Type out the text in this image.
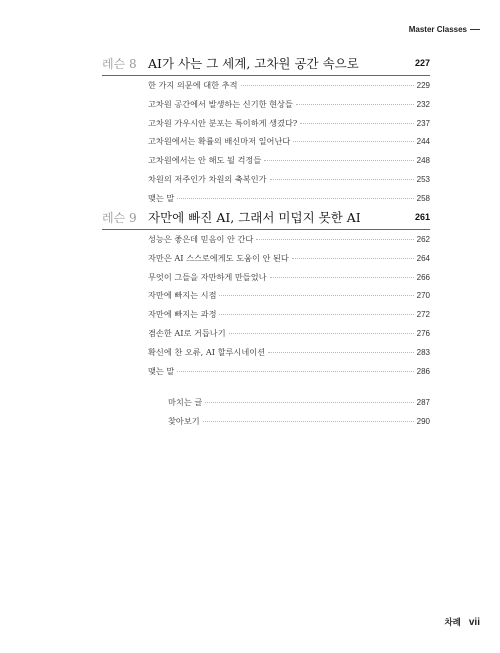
Master Classes
레슨 8 AI가 사는 그 세계, 고차원 공간 속으로	227
한 가지 의문에 대한 추적	229
고차원 공간에서 발생하는 신기한 현상들	232
고차원 가우시안 분포는 특이하게 생겼다?	237
고차원에서는 확률의 배신마저 일어난다	244
고차원에서는 안 해도 될 걱정들	248
차원의 저주인가 차원의 축복인가	253
맺는 말	258
레슨 9 자만에 빠진 AI, 그래서 미덥지 못한 AI	261
성능은 좋은데 믿음이 안 간다	262
자만은 AI 스스로에게도 도움이 안 된다	264
무엇이 그들을 자만하게 만들었나	266
자만에 빠지는 시점	270
자만에 빠지는 과정	272
겸손한 AI로 거듭나기	276
확신에 찬 오류, AI 할루시네이션	283
맺는 말	286
마치는 글	287
찾아보기	290
차례 vii
